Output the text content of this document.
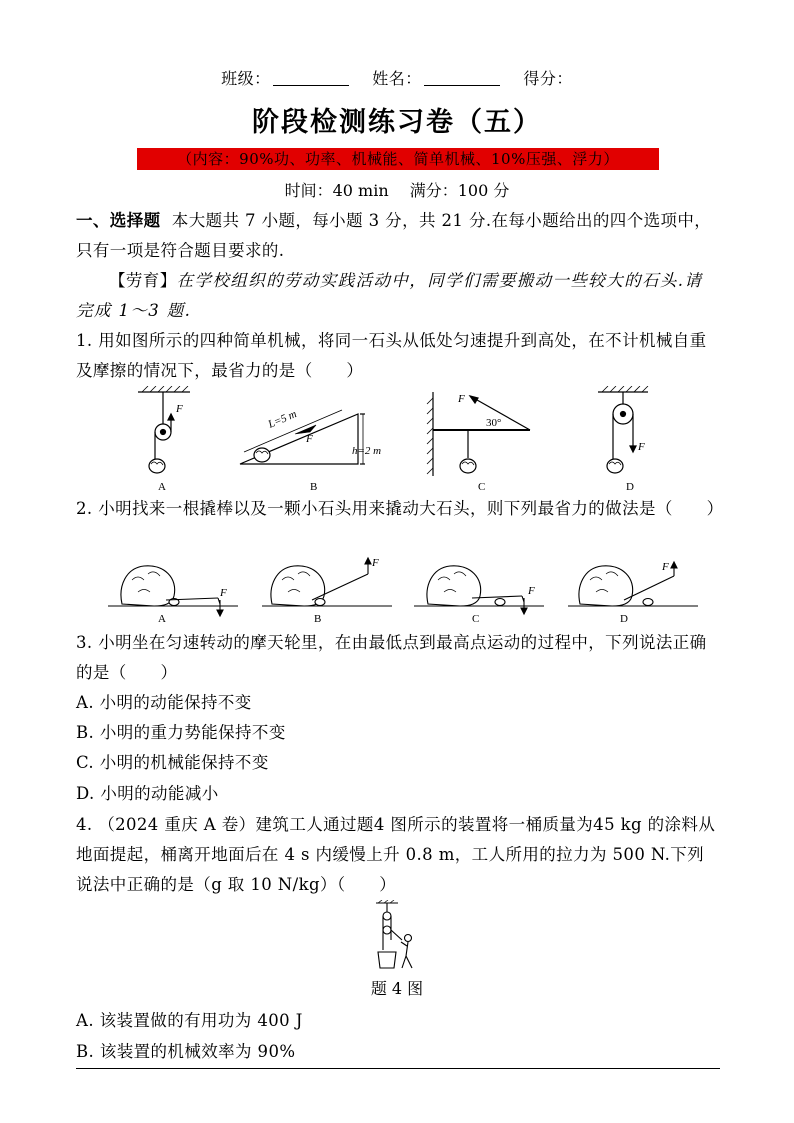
班级：	姓名：	得分：
阶段检测练习卷（五）
（内容：90%功、功率、机械能、简单机械、10%压强、浮力）
时间：40 min　 满分：100 分
一、选择题 本大题共 7 小题，每小题 3 分，共 21 分.在每小题给出的四个选项中，只有一项是符合题目要求的.
【劳育】在学校组织的劳动实践活动中，同学们需要搬动一些较大的石头.请完成 1～3 题.
1. 用如图所示的四种简单机械，将同一石头从低处匀速提升到高处，在不计机械自重及摩擦的情况下，最省力的是（　　）
F
A
L=5 m
F
h=2 m
B
F
30°
C
F
D
2. 小明找来一根撬棒以及一颗小石头用来撬动大石头，则下列最省力的做法是（　　）
F
A
F
B
F
C
F
D
3. 小明坐在匀速转动的摩天轮里，在由最低点到最高点运动的过程中，下列说法正确的是（　　）
A. 小明的动能保持不变
B. 小明的重力势能保持不变
C. 小明的机械能保持不变
D. 小明的动能减小
4. （2024 重庆 A 卷）建筑工人通过题4 图所示的装置将一桶质量为45 kg 的涂料从地面提起，桶离开地面后在 4 s 内缓慢上升 0.8 m，工人所用的拉力为 500 N.下列说法中正确的是（g 取 10 N/kg）（　　）
题 4 图
A. 该装置做的有用功为 400 J
B. 该装置的机械效率为 90%
